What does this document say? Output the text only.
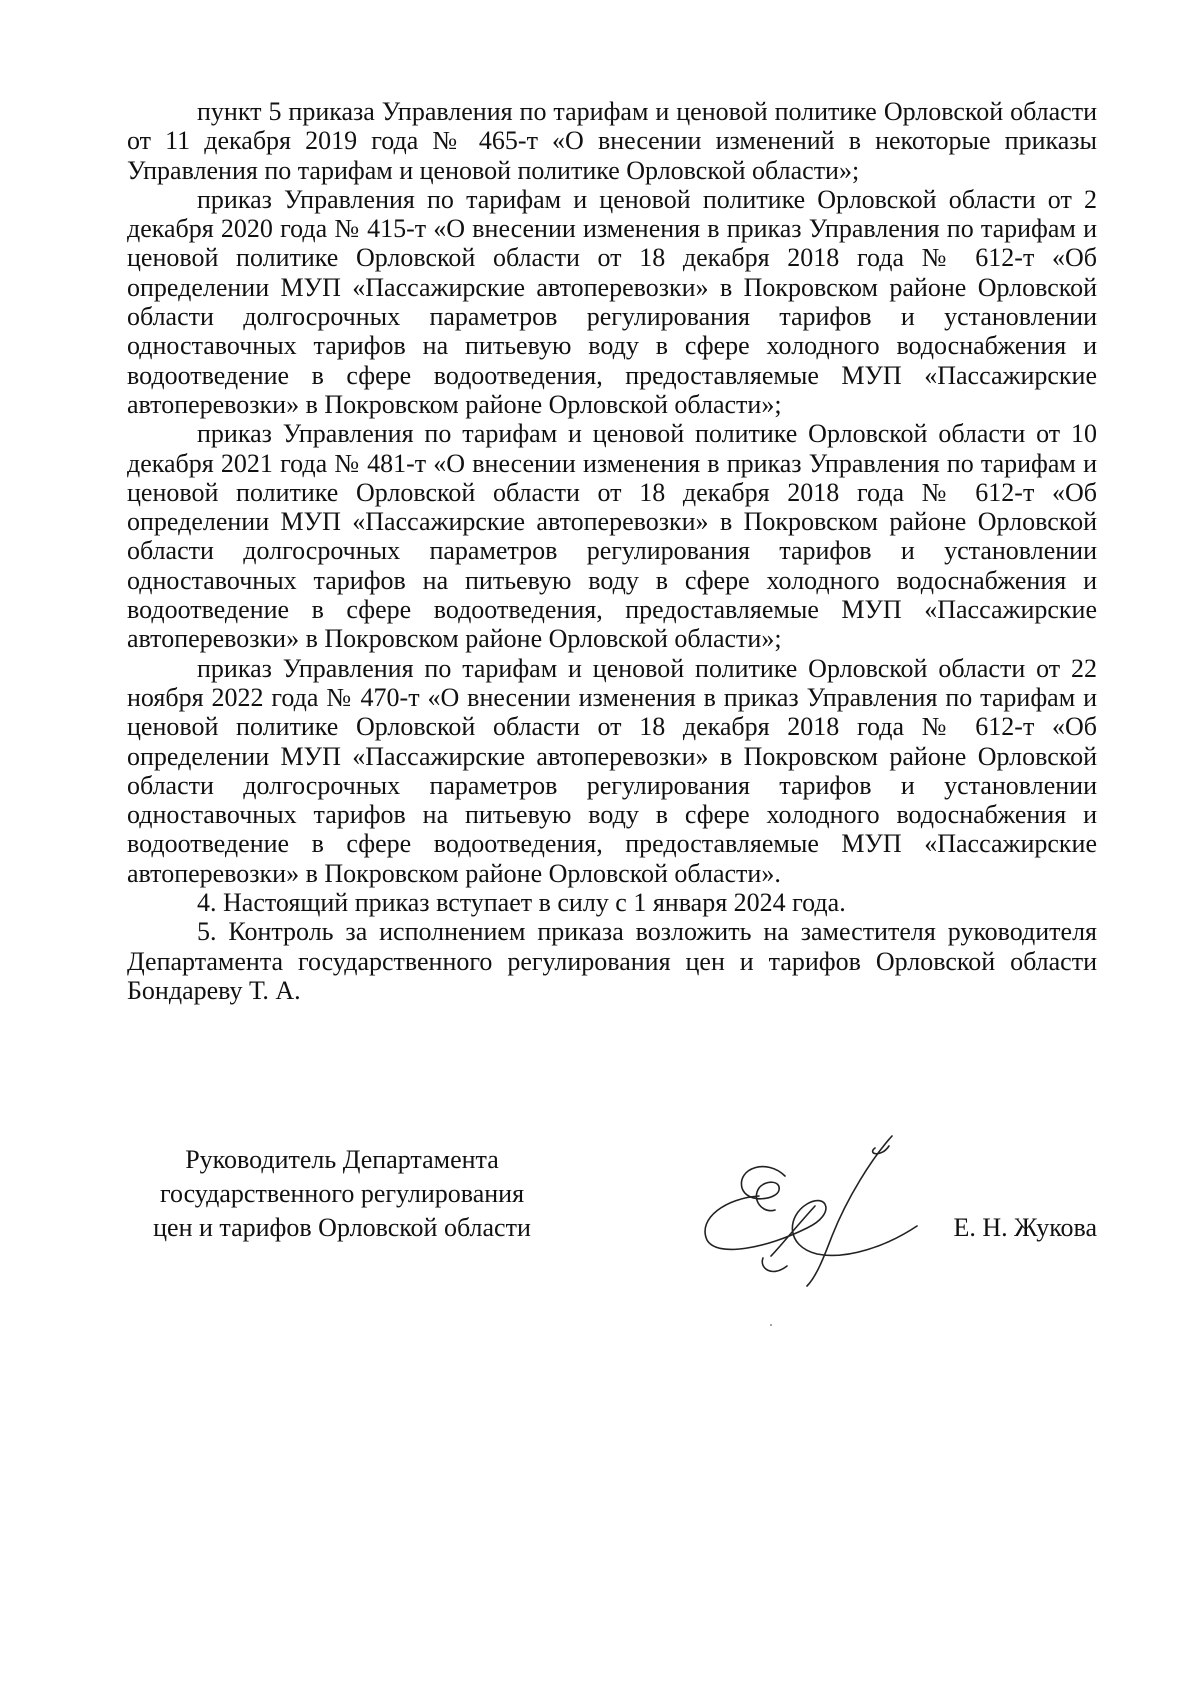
пункт 5 приказа Управления по тарифам и ценовой политике Орловской области от 11 декабря 2019 года № 465-т «О внесении изменений в некоторые приказы Управления по тарифам и ценовой политике Орловской области»;

приказ Управления по тарифам и ценовой политике Орловской области от 2 декабря 2020 года № 415-т «О внесении изменения в приказ Управления по тарифам и ценовой политике Орловской области от 18 декабря 2018 года № 612-т «Об определении МУП «Пассажирские автоперевозки» в Покровском районе Орловской области долгосрочных параметров регулирования тарифов и установлении одноставочных тарифов на питьевую воду в сфере холодного водоснабжения и водоотведение в сфере водоотведения, предоставляемые МУП «Пассажирские автоперевозки» в Покровском районе Орловской области»;

приказ Управления по тарифам и ценовой политике Орловской области от 10 декабря 2021 года № 481-т «О внесении изменения в приказ Управления по тарифам и ценовой политике Орловской области от 18 декабря 2018 года № 612-т «Об определении МУП «Пассажирские автоперевозки» в Покровском районе Орловской области долгосрочных параметров регулирования тарифов и установлении одноставочных тарифов на питьевую воду в сфере холодного водоснабжения и водоотведение в сфере водоотведения, предоставляемые МУП «Пассажирские автоперевозки» в Покровском районе Орловской области»;

приказ Управления по тарифам и ценовой политике Орловской области от 22 ноября 2022 года № 470-т «О внесении изменения в приказ Управления по тарифам и ценовой политике Орловской области от 18 декабря 2018 года № 612-т «Об определении МУП «Пассажирские автоперевозки» в Покровском районе Орловской области долгосрочных параметров регулирования тарифов и установлении одноставочных тарифов на питьевую воду в сфере холодного водоснабжения и водоотведение в сфере водоотведения, предоставляемые МУП «Пассажирские автоперевозки» в Покровском районе Орловской области».

4. Настоящий приказ вступает в силу с 1 января 2024 года.

5. Контроль за исполнением приказа возложить на заместителя руководителя Департамента государственного регулирования цен и тарифов Орловской области Бондареву Т. А.

Руководитель Департамента
государственного регулирования
цен и тарифов Орловской области	Е. Н. Жукова
